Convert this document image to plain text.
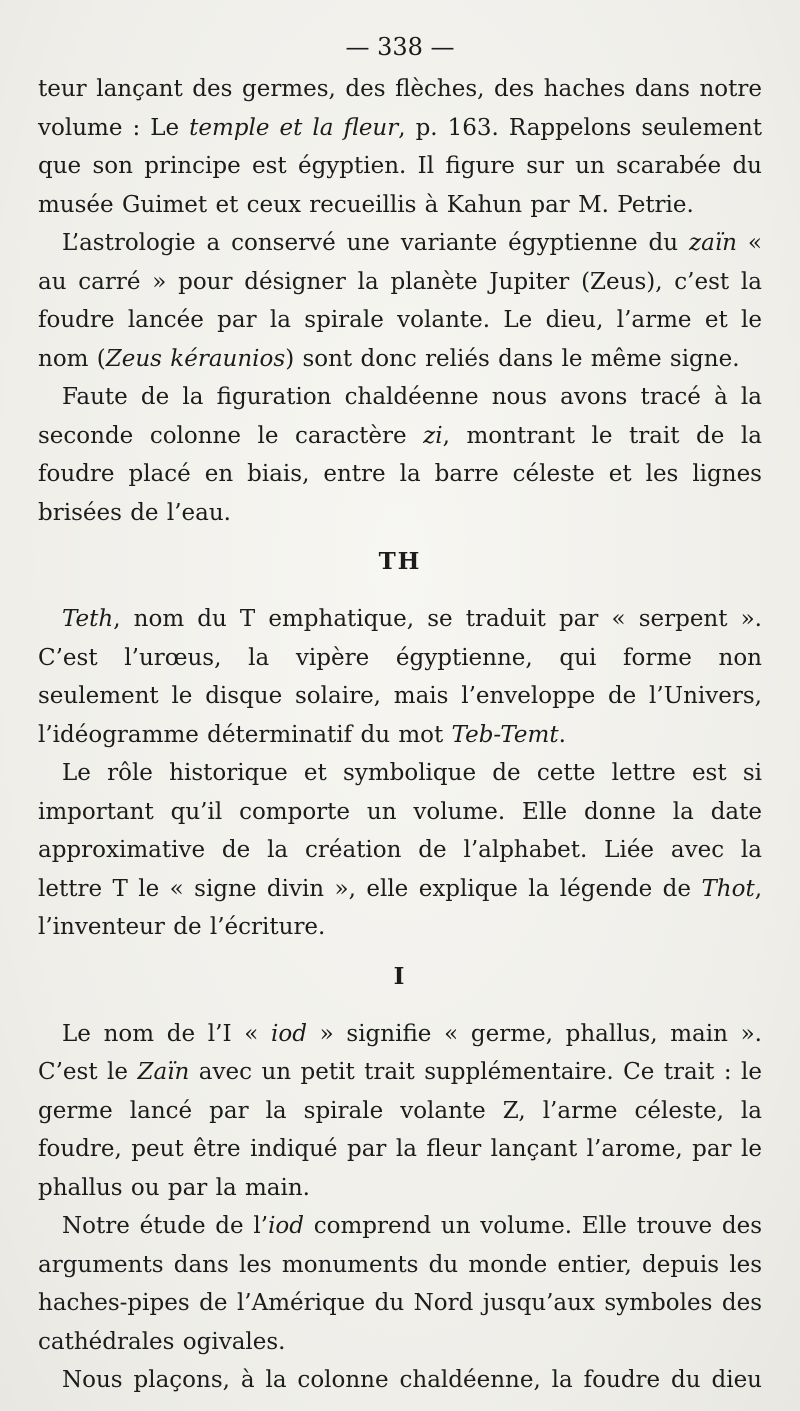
— 338 —

teur lançant des germes, des flèches, des haches dans notre volume : Le temple et la fleur, p. 163. Rappelons seulement que son principe est égyptien. Il figure sur un scarabée du musée Guimet et ceux recueillis à Kahun par M. Petrie.

L’astrologie a conservé une variante égyptienne du zaïn « au carré » pour désigner la planète Jupiter (Zeus), c’est la foudre lancée par la spirale volante. Le dieu, l’arme et le nom (Zeus kéraunios) sont donc reliés dans le même signe.

Faute de la figuration chaldéenne nous avons tracé à la seconde colonne le caractère zi, montrant le trait de la foudre placé en biais, entre la barre céleste et les lignes brisées de l’eau.

TH

Teth, nom du T emphatique, se traduit par « serpent ». C’est l’urœus, la vipère égyptienne, qui forme non seulement le disque solaire, mais l’enveloppe de l’Univers, l’idéogramme déterminatif du mot Teb-Temt.

Le rôle historique et symbolique de cette lettre est si important qu’il comporte un volume. Elle donne la date approximative de la création de l’alphabet. Liée avec la lettre T le « signe divin », elle explique la légende de Thot, l’inventeur de l’écriture.

I

Le nom de l’I « iod » signifie « germe, phallus, main ». C’est le Zaïn avec un petit trait supplémentaire. Ce trait : le germe lancé par la spirale volante Z, l’arme céleste, la foudre, peut être indiqué par la fleur lançant l’arome, par le phallus ou par la main.

Notre étude de l’iod comprend un volume. Elle trouve des arguments dans les monuments du monde entier, depuis les haches-pipes de l’Amérique du Nord jusqu’aux symboles des cathédrales ogivales.

Nous plaçons, à la colonne chaldéenne, la foudre du dieu
